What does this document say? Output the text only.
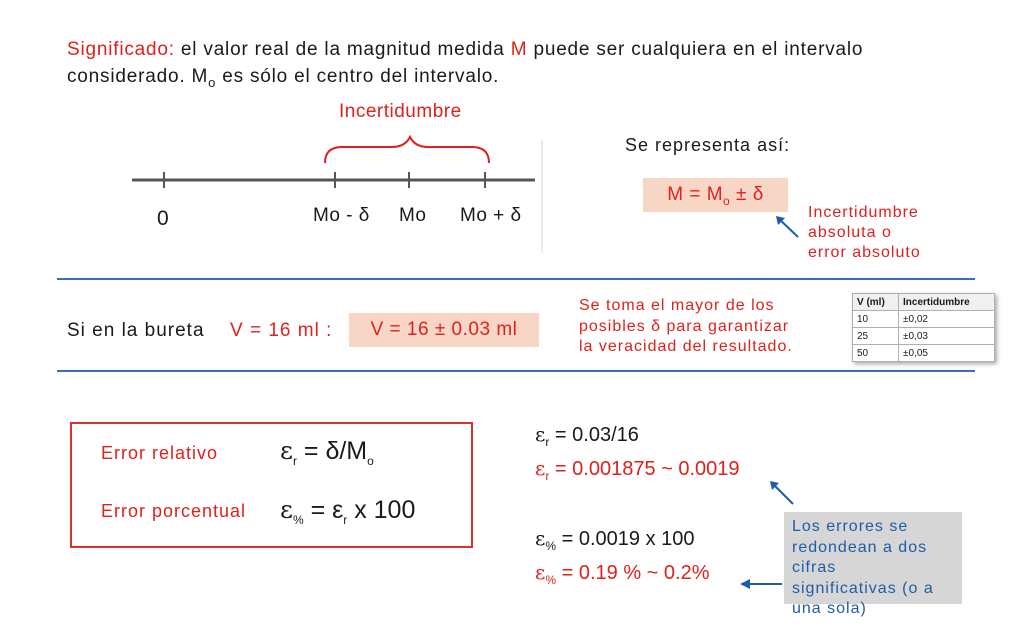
Significado: el valor real de la magnitud medida M puede ser cualquiera en el intervalo considerado. $M_o$ es sólo el centro del intervalo.
Incertidumbre
0	Mo - δ Mo Mo + δ
Se representa así:
$M = M_o \pm \delta$
Incertidumbre
absoluta o
error absoluto
Si en la bureta V = 16 ml :	V = 16 ± 0.03 ml
Se toma el mayor de los
posibles δ para garantizar
la veracidad del resultado.
V (ml)	Incertidumbre
10	±0,02
25	±0,03
50	±0,05
Error relativo $\varepsilon_r = \delta/M_o$
Error porcentual $\varepsilon_{\%} = \varepsilon_r$ x 100
$\varepsilon_r = 0.03/16$
$\varepsilon_r = 0.001875$ ~ 0.0019
$\varepsilon_{\%} = 0.0019$ x 100
$\varepsilon_{\%} = 0.19$ % ~ 0.2%
Los errores se
redondean a dos
cifras
significativas (o a
una sola)
